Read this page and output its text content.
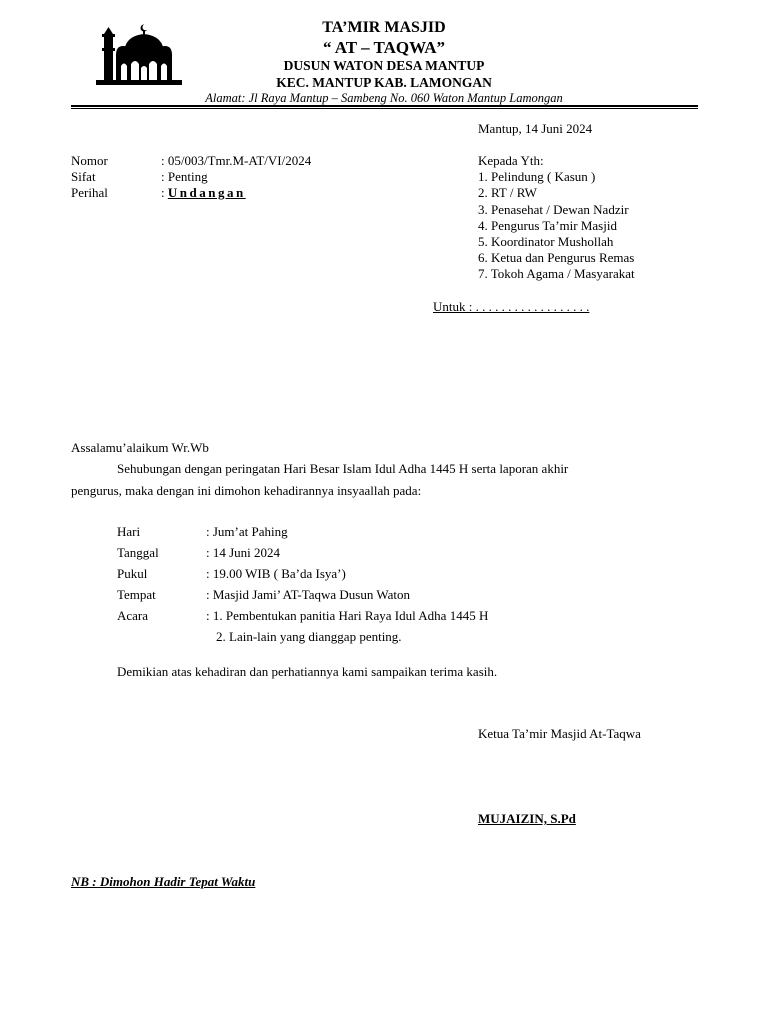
TA’MIR MASJID
“ AT – TAQWA”
DUSUN WATON DESA MANTUP
KEC. MANTUP KAB. LAMONGAN
Alamat: Jl Raya Mantup – Sambeng No. 060 Waton Mantup Lamongan
Mantup, 14 Juni 2024
Nomor	: 05/003/Tmr.M-AT/VI/2024
Sifat	: Penting
Perihal	: Undangan
Kepada Yth:
1. Pelindung ( Kasun )
2. RT / RW
3. Penasehat / Dewan Nadzir
4. Pengurus Ta’mir Masjid
5. Koordinator Mushollah
6. Ketua dan Pengurus Remas
7. Tokoh Agama / Masyarakat
Untuk : . . . . . . . . . . . . . . . . . .
Assalamu’alaikum Wr.Wb
Sehubungan dengan peringatan Hari Besar Islam Idul Adha 1445 H serta laporan akhir
pengurus, maka dengan ini dimohon kehadirannya insyaallah pada:
Hari	: Jum’at Pahing
Tanggal	: 14 Juni 2024
Pukul	: 19.00 WIB ( Ba’da Isya’)
Tempat	: Masjid Jami’ AT-Taqwa Dusun Waton
Acara	: 1. Pembentukan panitia Hari Raya Idul Adha 1445 H
2. Lain-lain yang dianggap penting.
Demikian atas kehadiran dan perhatiannya kami sampaikan terima kasih.
Ketua Ta’mir Masjid At-Taqwa
MUJAIZIN, S.Pd
NB : Dimohon Hadir Tepat Waktu
